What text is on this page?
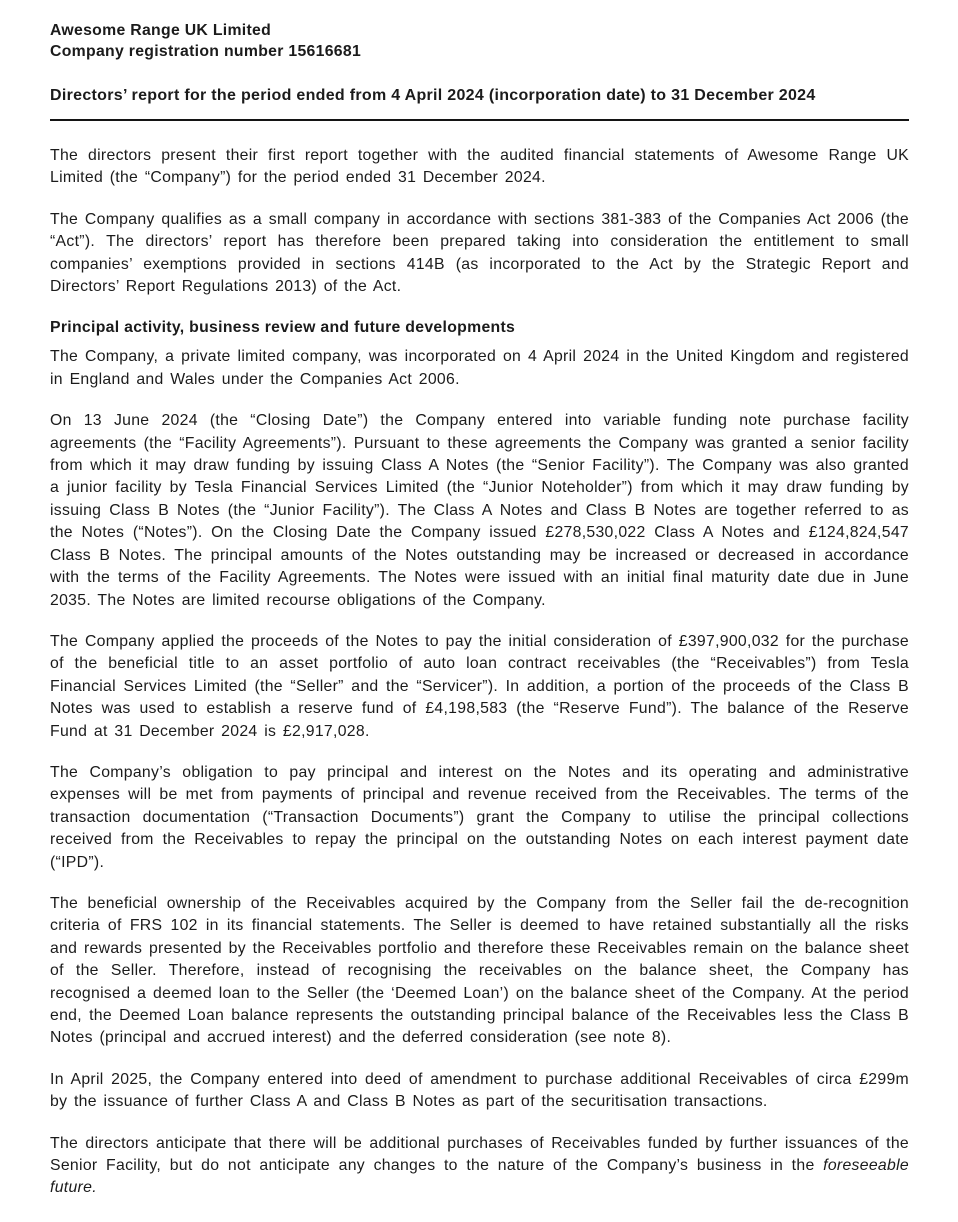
Awesome Range UK Limited
Company registration number 15616681
Directors’ report for the period ended from 4 April 2024 (incorporation date) to 31 December 2024

The directors present their first report together with the audited financial statements of Awesome Range UK Limited (the “Company”) for the period ended 31 December 2024.

The Company qualifies as a small company in accordance with sections 381-383 of the Companies Act 2006 (the “Act”). The directors’ report has therefore been prepared taking into consideration the entitlement to small companies’ exemptions provided in sections 414B (as incorporated to the Act by the Strategic Report and Directors’ Report Regulations 2013) of the Act.

Principal activity, business review and future developments

The Company, a private limited company, was incorporated on 4 April 2024 in the United Kingdom and registered in England and Wales under the Companies Act 2006.

On 13 June 2024 (the “Closing Date”) the Company entered into variable funding note purchase facility agreements (the “Facility Agreements”). Pursuant to these agreements the Company was granted a senior facility from which it may draw funding by issuing Class A Notes (the “Senior Facility”). The Company was also granted a junior facility by Tesla Financial Services Limited (the “Junior Noteholder”) from which it may draw funding by issuing Class B Notes (the “Junior Facility”). The Class A Notes and Class B Notes are together referred to as the Notes (“Notes”). On the Closing Date the Company issued £278,530,022 Class A Notes and £124,824,547 Class B Notes. The principal amounts of the Notes outstanding may be increased or decreased in accordance with the terms of the Facility Agreements. The Notes were issued with an initial final maturity date due in June 2035. The Notes are limited recourse obligations of the Company.

The Company applied the proceeds of the Notes to pay the initial consideration of £397,900,032 for the purchase of the beneficial title to an asset portfolio of auto loan contract receivables (the “Receivables”) from Tesla Financial Services Limited (the “Seller” and the “Servicer”). In addition, a portion of the proceeds of the Class B Notes was used to establish a reserve fund of £4,198,583 (the “Reserve Fund”). The balance of the Reserve Fund at 31 December 2024 is £2,917,028.

The Company’s obligation to pay principal and interest on the Notes and its operating and administrative expenses will be met from payments of principal and revenue received from the Receivables. The terms of the transaction documentation (“Transaction Documents”) grant the Company to utilise the principal collections received from the Receivables to repay the principal on the outstanding Notes on each interest payment date (“IPD”).

The beneficial ownership of the Receivables acquired by the Company from the Seller fail the de-recognition criteria of FRS 102 in its financial statements. The Seller is deemed to have retained substantially all the risks and rewards presented by the Receivables portfolio and therefore these Receivables remain on the balance sheet of the Seller. Therefore, instead of recognising the receivables on the balance sheet, the Company has recognised a deemed loan to the Seller (the ‘Deemed Loan’) on the balance sheet of the Company. At the period end, the Deemed Loan balance represents the outstanding principal balance of the Receivables less the Class B Notes (principal and accrued interest) and the deferred consideration (see note 8).

In April 2025, the Company entered into deed of amendment to purchase additional Receivables of circa £299m by the issuance of further Class A and Class B Notes as part of the securitisation transactions.

The directors anticipate that there will be additional purchases of Receivables funded by further issuances of the Senior Facility, but do not anticipate any changes to the nature of the Company’s business in the foreseeable future.
